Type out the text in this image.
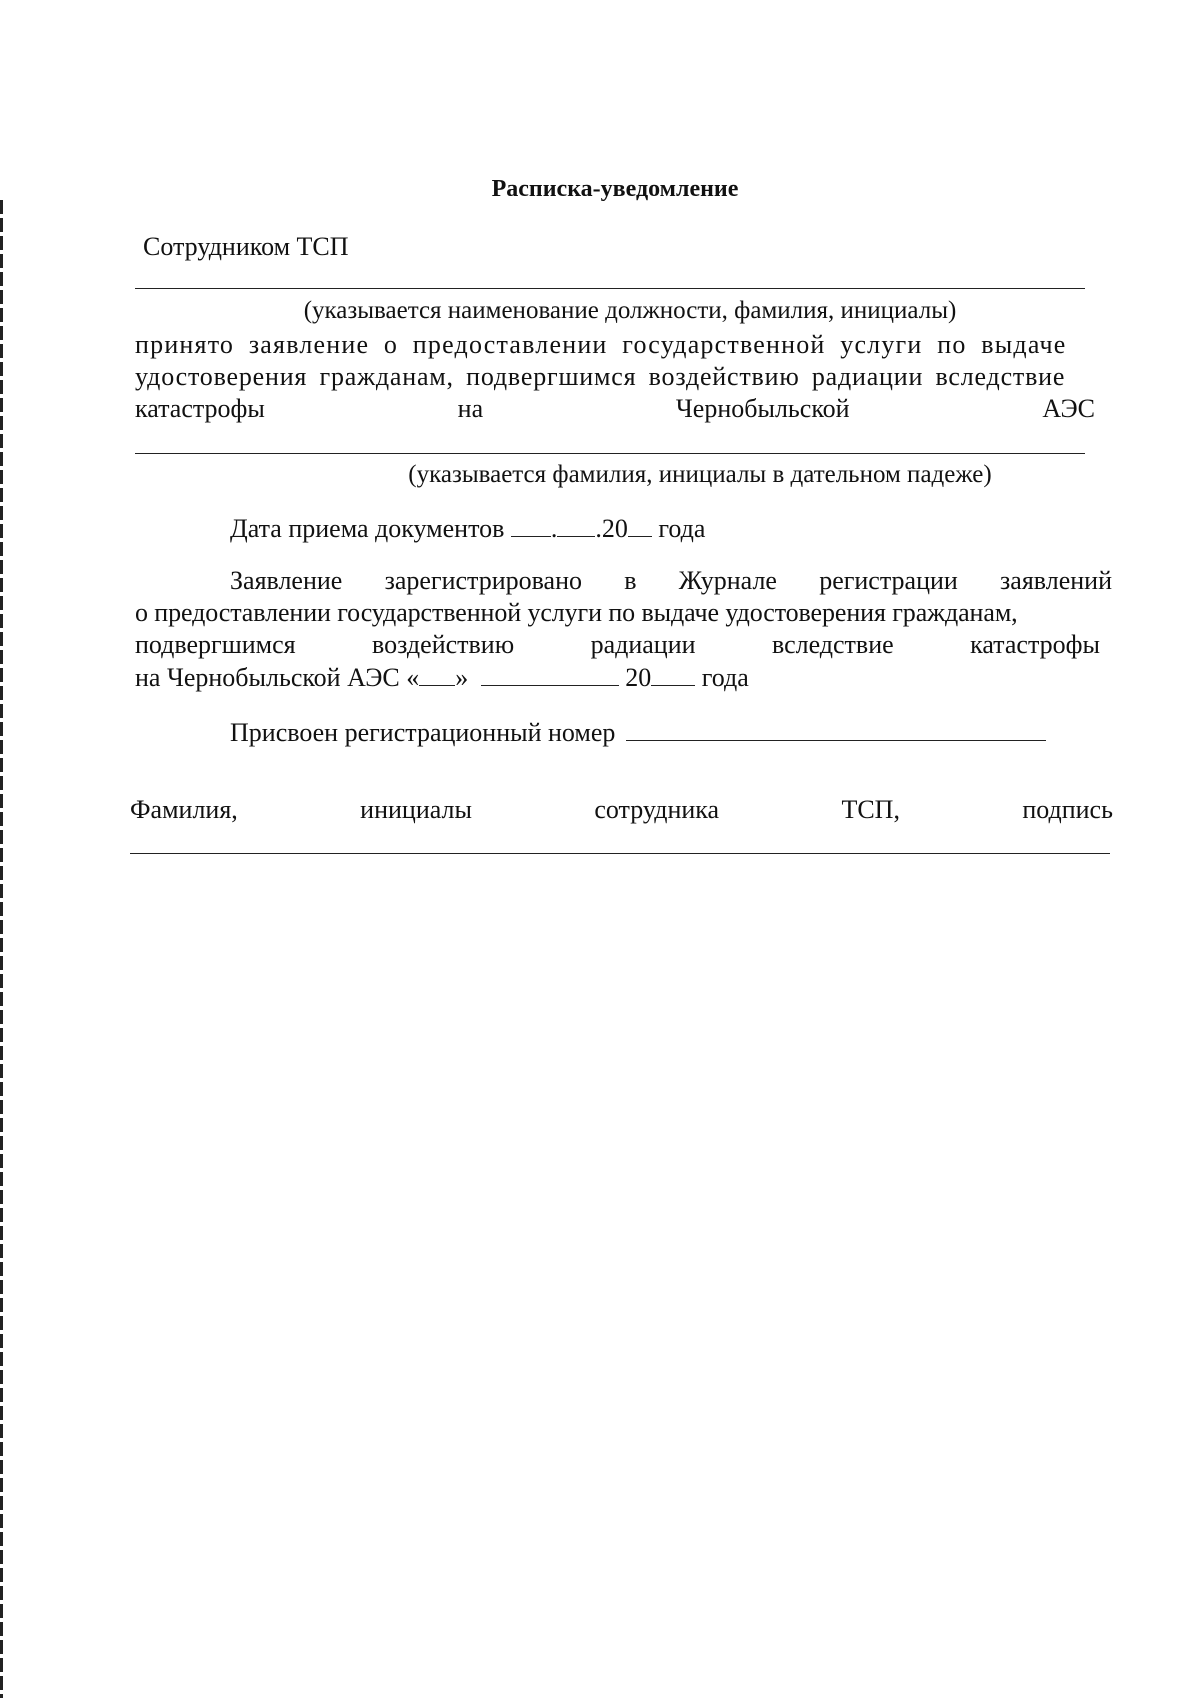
Расписка-уведомление
Сотрудником ТСП
(указывается наименование должности, фамилия, инициалы)
принято заявление о предоставлении государственной услуги по выдаче
удостоверения гражданам, подвергшимся воздействию радиации вследствие
катастрофы	на	Чернобыльской	АЭС
(указывается фамилия, инициалы в дательном падеже)
Дата приема документов . .20 года
Заявление зарегистрировано в Журнале регистрации заявлений
о предоставлении государственной услуги по выдаче удостоверения гражданам,
подвергшимся	воздействию	радиации	вследствие	катастрофы
на Чернобыльской АЭС « »	20 года
Присвоен регистрационный номер
Фамилия,	инициалы	сотрудника	ТСП,	подпись
